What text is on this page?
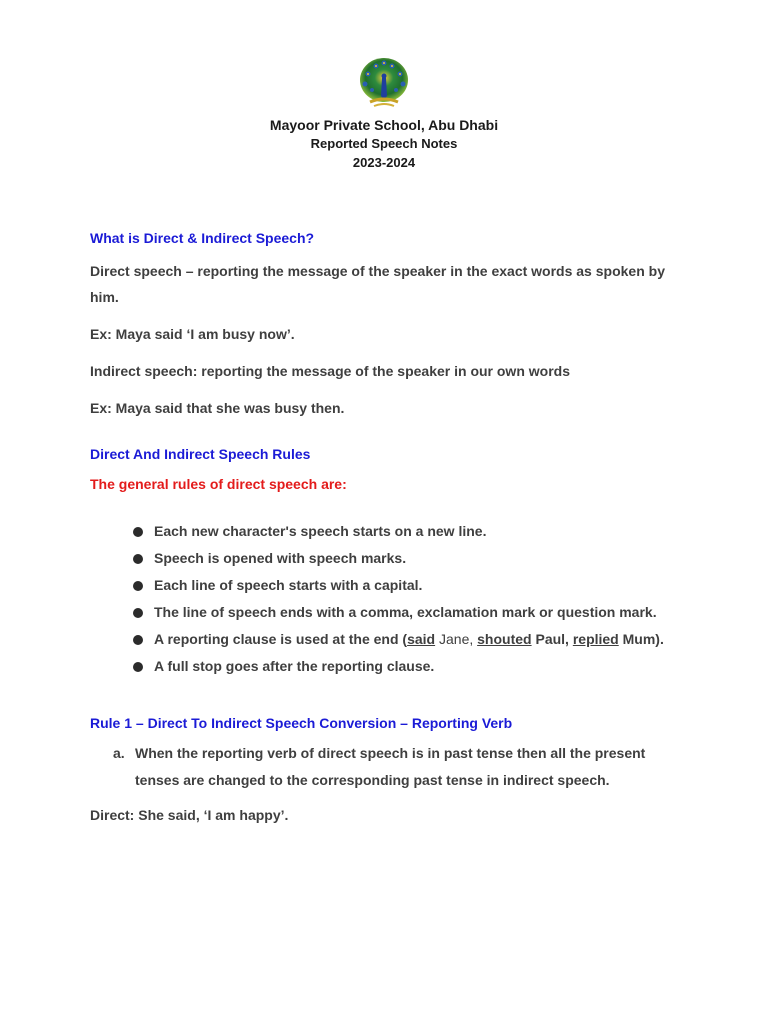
Mayoor Private School, Abu Dhabi
Reported Speech Notes
2023-2024
What is Direct & Indirect Speech?
Direct speech – reporting the message of the speaker in the exact words as spoken by him.
Ex: Maya said ‘I am busy now’.
Indirect speech: reporting the message of the speaker in our own words
Ex: Maya said that she was busy then.
Direct And Indirect Speech Rules
The general rules of direct speech are:
Each new character's speech starts on a new line.
Speech is opened with speech marks.
Each line of speech starts with a capital.
The line of speech ends with a comma, exclamation mark or question mark.
A reporting clause is used at the end (said Jane, shouted Paul, replied Mum).
A full stop goes after the reporting clause.
Rule 1 – Direct To Indirect Speech Conversion – Reporting Verb
a. When the reporting verb of direct speech is in past tense then all the present tenses are changed to the corresponding past tense in indirect speech.
Direct: She said, ‘I am happy’.
